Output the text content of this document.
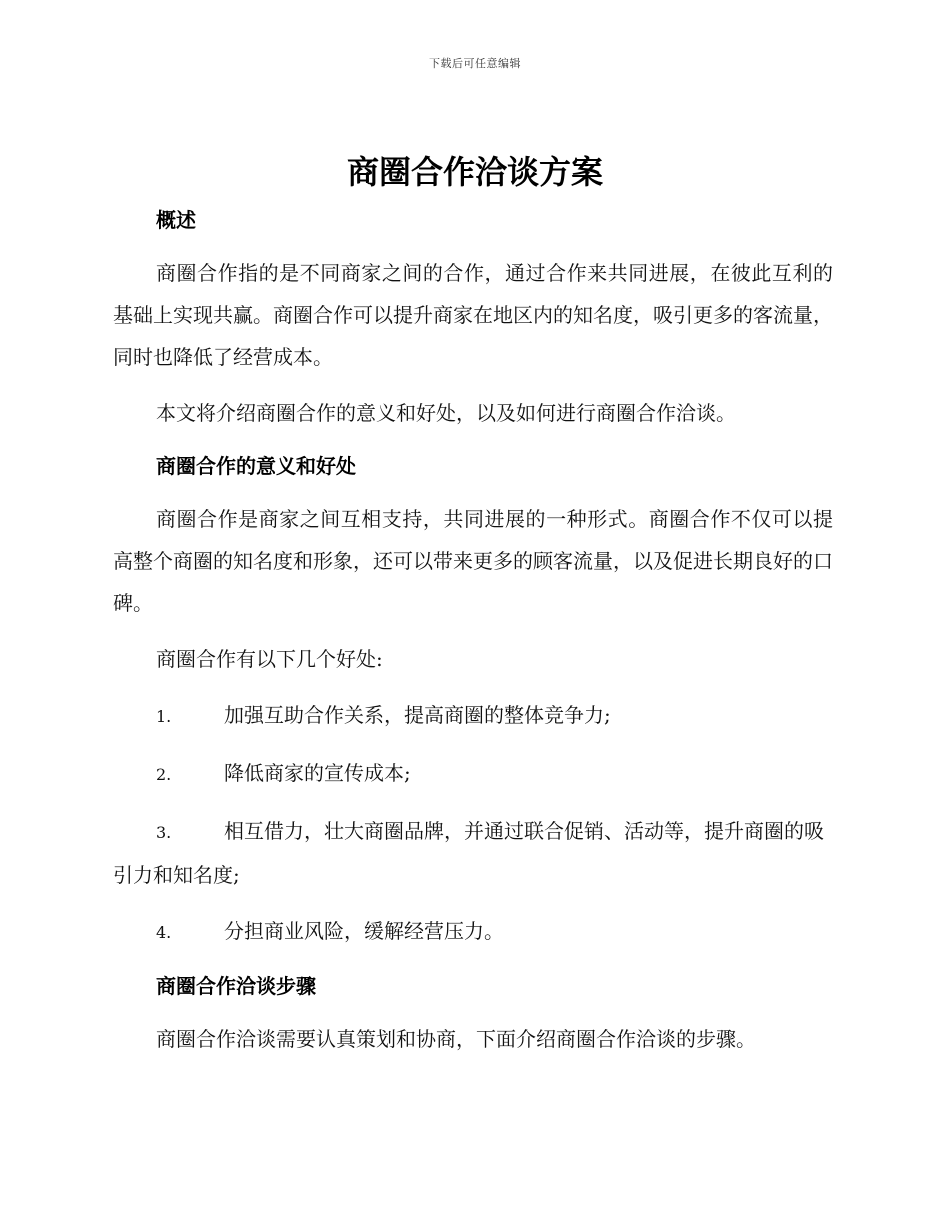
下载后可任意编辑
商圈合作洽谈方案

概述

商圈合作指的是不同商家之间的合作，通过合作来共同进展，在彼此互利的基础上实现共赢。商圈合作可以提升商家在地区内的知名度，吸引更多的客流量，同时也降低了经营成本。

本文将介绍商圈合作的意义和好处，以及如何进行商圈合作洽谈。

商圈合作的意义和好处

商圈合作是商家之间互相支持，共同进展的一种形式。商圈合作不仅可以提高整个商圈的知名度和形象，还可以带来更多的顾客流量，以及促进长期良好的口碑。

商圈合作有以下几个好处:

1.	加强互助合作关系，提高商圈的整体竞争力;

2.	降低商家的宣传成本;

3.	相互借力，壮大商圈品牌，并通过联合促销、活动等，提升商圈的吸引力和知名度;

4.	分担商业风险，缓解经营压力。

商圈合作洽谈步骤

商圈合作洽谈需要认真策划和协商，下面介绍商圈合作洽谈的步骤。
